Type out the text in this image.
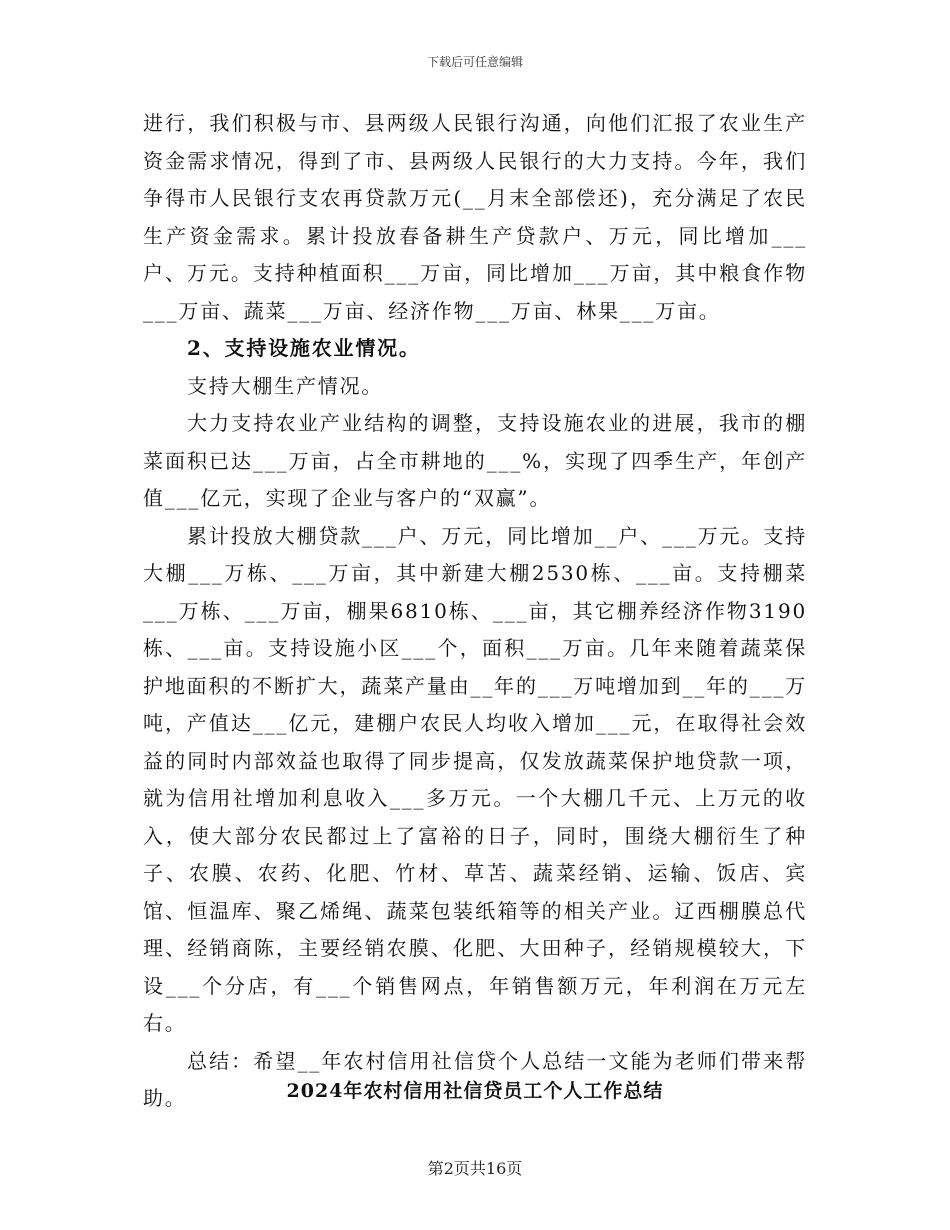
下载后可任意编辑

进行，我们积极与市、县两级人民银行沟通，向他们汇报了农业生产资金需求情况，得到了市、县两级人民银行的大力支持。今年，我们争得市人民银行支农再贷款万元(__月末全部偿还)，充分满足了农民生产资金需求。累计投放春备耕生产贷款户、万元，同比增加___户、万元。支持种植面积___万亩，同比增加___万亩，其中粮食作物___万亩、蔬菜___万亩、经济作物___万亩、林果___万亩。

2、支持设施农业情况。

支持大棚生产情况。

大力支持农业产业结构的调整，支持设施农业的进展，我市的棚菜面积已达___万亩，占全市耕地的___%，实现了四季生产，年创产值___亿元，实现了企业与客户的“双赢”。

累计投放大棚贷款___户、万元，同比增加__户、___万元。支持大棚___万栋、___万亩，其中新建大棚2530栋、___亩。支持棚菜___万栋、___万亩，棚果6810栋、___亩，其它棚养经济作物3190栋、___亩。支持设施小区___个，面积___万亩。几年来随着蔬菜保护地面积的不断扩大，蔬菜产量由__年的___万吨增加到__年的___万吨，产值达___亿元，建棚户农民人均收入增加___元，在取得社会效益的同时内部效益也取得了同步提高，仅发放蔬菜保护地贷款一项，就为信用社增加利息收入___多万元。一个大棚几千元、上万元的收入，使大部分农民都过上了富裕的日子，同时，围绕大棚衍生了种子、农膜、农药、化肥、竹材、草苫、蔬菜经销、运输、饭店、宾馆、恒温库、聚乙烯绳、蔬菜包装纸箱等的相关产业。辽西棚膜总代理、经销商陈，主要经销农膜、化肥、大田种子，经销规模较大，下设___个分店，有___个销售网点，年销售额万元，年利润在万元左右。

总结：希望__年农村信用社信贷个人总结一文能为老师们带来帮助。	2024年农村信用社信贷员工个人工作总结
第2页共16页
